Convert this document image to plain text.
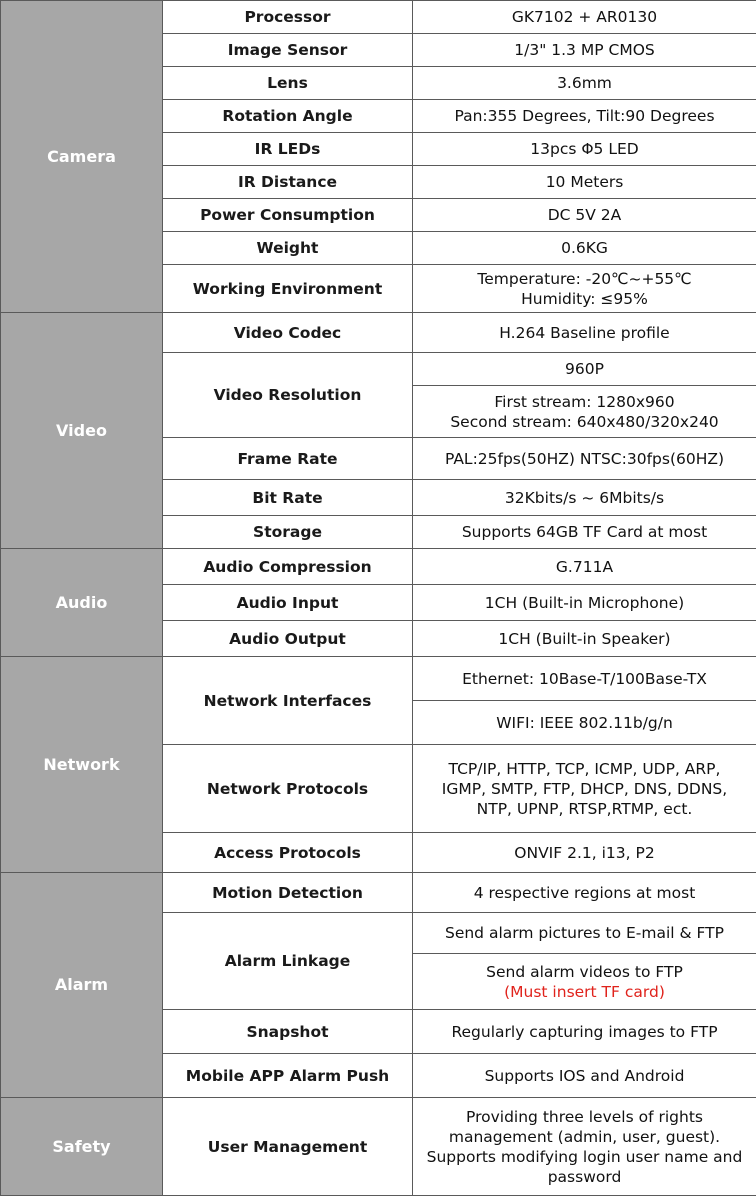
Camera	Processor	GK7102 + AR0130
	Image Sensor	1/3" 1.3 MP CMOS
	Lens	3.6mm
	Rotation Angle	Pan:355 Degrees, Tilt:90 Degrees
	IR LEDs	13pcs Φ5 LED
	IR Distance	10 Meters
	Power Consumption	DC 5V 2A
	Weight	0.6KG
	Working Environment	Temperature: -20℃~+55℃
Humidity: ≤95%

Video	Video Codec	H.264 Baseline profile
	Video Resolution	960P

		First stream: 1280x960
Second stream: 640x480/320x240

	Frame Rate	PAL:25fps(50HZ) NTSC:30fps(60HZ)
	Bit Rate	32Kbits/s ~ 6Mbits/s
	Storage	Supports 64GB TF Card at most
Audio	Audio Compression	G.711A
	Audio Input	1CH (Built-in Microphone)
	Audio Output	1CH (Built-in Speaker)
Network	Network Interfaces	Ethernet: 10Base-T/100Base-TX
		WIFI: IEEE 802.11b/g/n
	Network Protocols	TCP/IP, HTTP, TCP, ICMP, UDP, ARP,
IGMP, SMTP, FTP, DHCP, DNS, DDNS,
NTP, UPNP, RTSP,RTMP, ect.

	Access Protocols	ONVIF 2.1, i13, P2
Alarm	Motion Detection	4 respective regions at most
	Alarm Linkage	Send alarm pictures to E-mail & FTP

		Send alarm videos to FTP
(Must insert TF card)

	Snapshot	Regularly capturing images to FTP
	Mobile APP Alarm Push	Supports IOS and Android
Safety	User Management	Providing three levels of rights
management (admin, user, guest).
Supports modifying login user name and
password
